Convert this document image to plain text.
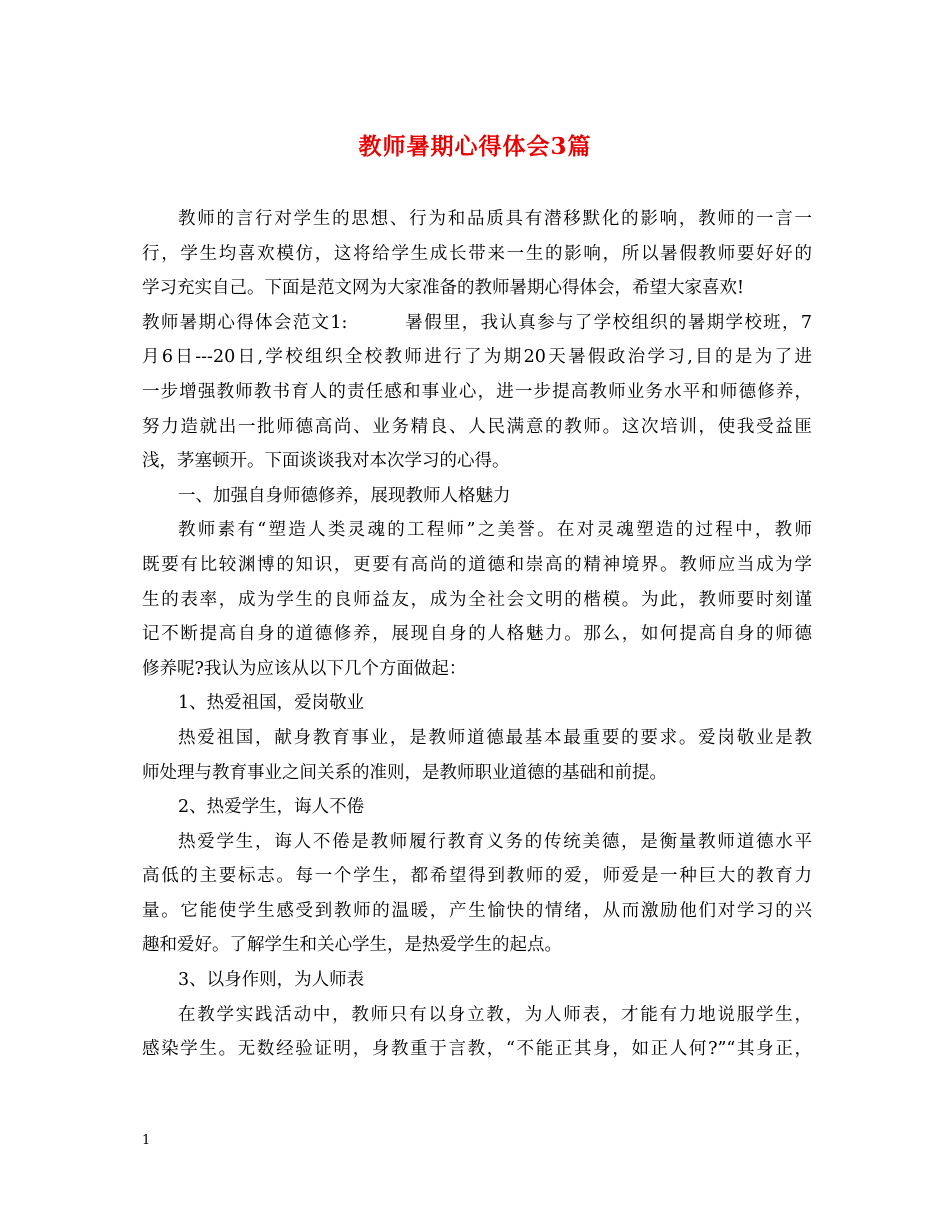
教师暑期心得体会3篇
教师的言行对学生的思想、行为和品质具有潜移默化的影响，教师的一言一
行，学生均喜欢模仿，这将给学生成长带来一生的影响，所以暑假教师要好好的
学习充实自己。下面是范文网为大家准备的教师暑期心得体会，希望大家喜欢!
教师暑期心得体会范文1:　　　暑假里，我认真参与了学校组织的暑期学校班，7
月6日---20日,学校组织全校教师进行了为期20天暑假政治学习,目的是为了进
一步增强教师教书育人的责任感和事业心，进一步提高教师业务水平和师德修养，
努力造就出一批师德高尚、业务精良、人民满意的教师。这次培训，使我受益匪
浅，茅塞顿开。下面谈谈我对本次学习的心得。
一、加强自身师德修养，展现教师人格魅力
教师素有“塑造人类灵魂的工程师”之美誉。在对灵魂塑造的过程中，教师
既要有比较渊博的知识，更要有高尚的道德和崇高的精神境界。教师应当成为学
生的表率，成为学生的良师益友，成为全社会文明的楷模。为此，教师要时刻谨
记不断提高自身的道德修养，展现自身的人格魅力。那么，如何提高自身的师德
修养呢?我认为应该从以下几个方面做起：
1、热爱祖国，爱岗敬业
热爱祖国，献身教育事业，是教师道德最基本最重要的要求。爱岗敬业是教
师处理与教育事业之间关系的准则，是教师职业道德的基础和前提。
2、热爱学生，诲人不倦
热爱学生，诲人不倦是教师履行教育义务的传统美德，是衡量教师道德水平
高低的主要标志。每一个学生，都希望得到教师的爱，师爱是一种巨大的教育力
量。它能使学生感受到教师的温暖，产生愉快的情绪，从而激励他们对学习的兴
趣和爱好。了解学生和关心学生，是热爱学生的起点。
3、以身作则，为人师表
在教学实践活动中，教师只有以身立教，为人师表，才能有力地说服学生，
感染学生。无数经验证明，身教重于言教，“不能正其身，如正人何?”“其身正，
1
